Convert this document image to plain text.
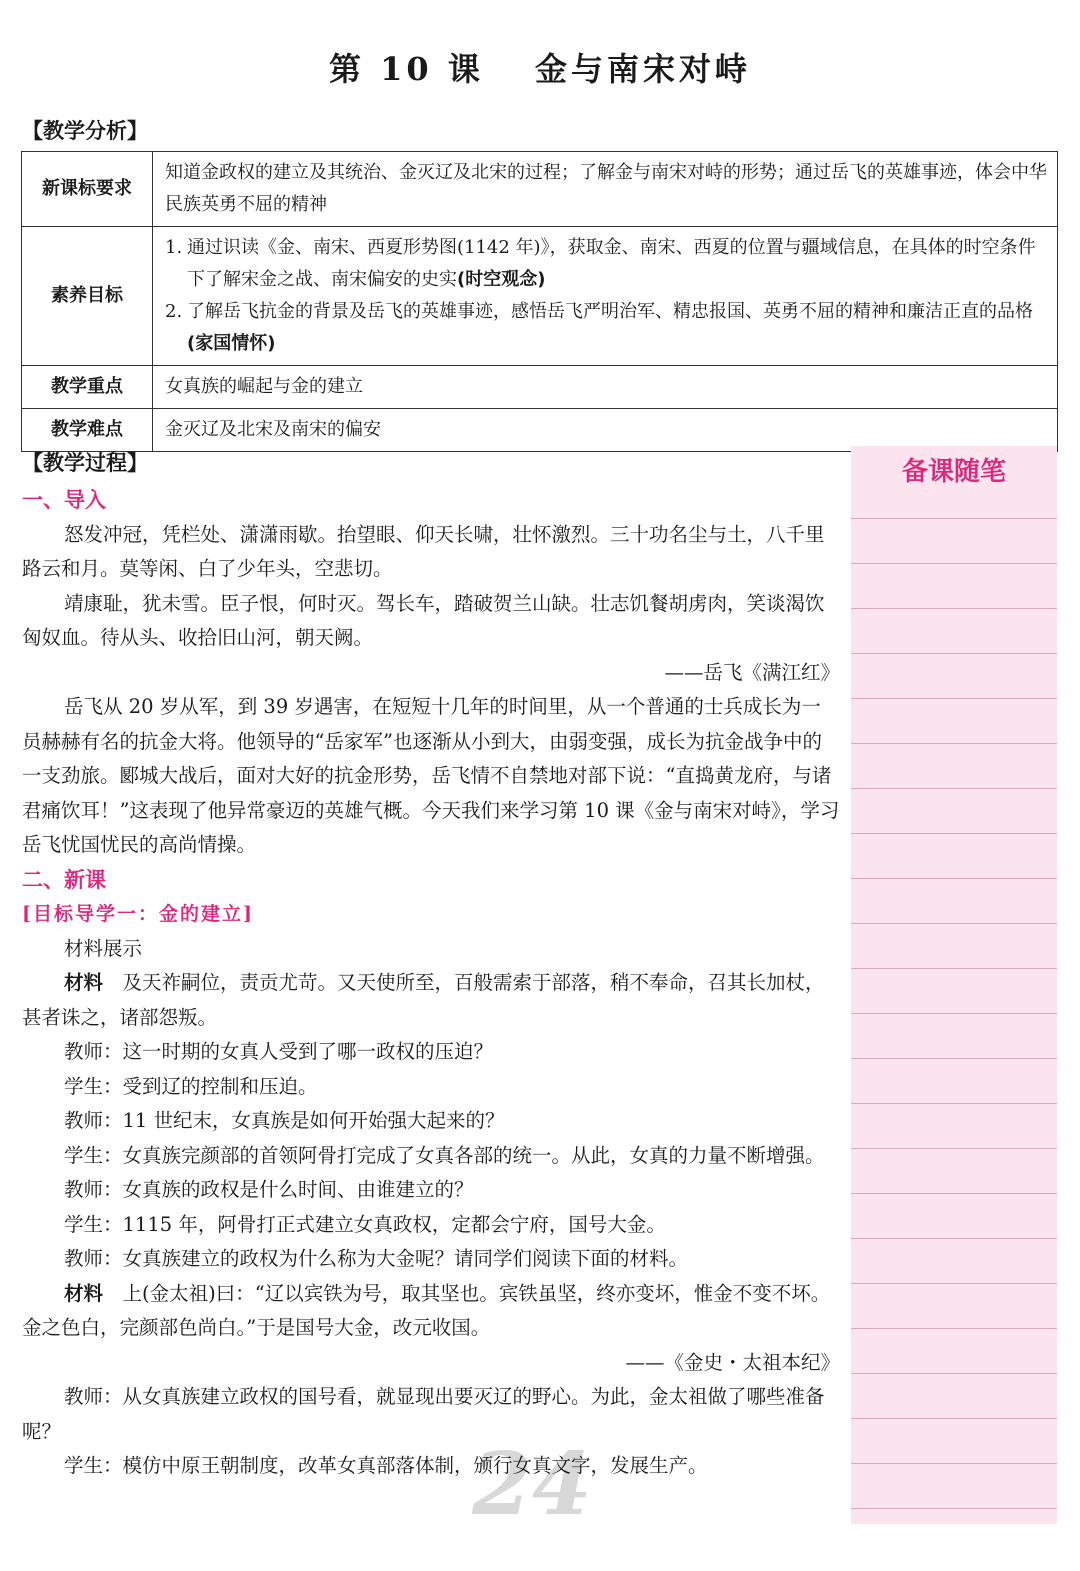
第 10 课　 金与南宋对峙
【教学分析】
新课标要求	知道金政权的建立及其统治、金灭辽及北宋的过程；了解金与南宋对峙的形势；通过岳飞的英雄事迹，体会中华民族英勇不屈的精神
素养目标	1. 通过识读《金、南宋、西夏形势图(1142 年)》，获取金、南宋、西夏的位置与疆域信息，在具体的时空条件下了解宋金之战、南宋偏安的史实(时空观念)
2. 了解岳飞抗金的背景及岳飞的英雄事迹，感悟岳飞严明治军、精忠报国、英勇不屈的精神和廉洁正直的品格(家国情怀)

教学重点	女真族的崛起与金的建立
教学难点	金灭辽及北宋及南宋的偏安
【教学过程】	备课随笔
24

一、导入

怒发冲冠，凭栏处、潇潇雨歇。抬望眼、仰天长啸，壮怀激烈。三十功名尘与土，八千里路云和月。莫等闲、白了少年头，空悲切。

靖康耻，犹未雪。臣子恨，何时灭。驾长车，踏破贺兰山缺。壮志饥餐胡虏肉，笑谈渴饮匈奴血。待从头、收拾旧山河，朝天阙。

——岳飞《满江红》

岳飞从 20 岁从军，到 39 岁遇害，在短短十几年的时间里，从一个普通的士兵成长为一员赫赫有名的抗金大将。他领导的“岳家军”也逐渐从小到大，由弱变强，成长为抗金战争中的一支劲旅。郾城大战后，面对大好的抗金形势，岳飞情不自禁地对部下说：“直捣黄龙府，与诸君痛饮耳！”这表现了他异常豪迈的英雄气概。今天我们来学习第 10 课《金与南宋对峙》，学习岳飞忧国忧民的高尚情操。

二、新课

[目标导学一：金的建立]

材料展示

材料　 及天祚嗣位，责贡尤苛。又天使所至，百般需索于部落，稍不奉命，召其长加杖，甚者诛之，诸部怨叛。

教师：这一时期的女真人受到了哪一政权的压迫？

学生：受到辽的控制和压迫。

教师：11 世纪末，女真族是如何开始强大起来的？

学生：女真族完颜部的首领阿骨打完成了女真各部的统一。从此，女真的力量不断增强。

教师：女真族的政权是什么时间、由谁建立的？

学生：1115 年，阿骨打正式建立女真政权，定都会宁府，国号大金。

教师：女真族建立的政权为什么称为大金呢？请同学们阅读下面的材料。

材料　 上(金太祖)曰：“辽以宾铁为号，取其坚也。宾铁虽坚，终亦变坏，惟金不变不坏。金之色白，完颜部色尚白。”于是国号大金，改元收国。

——《金史・太祖本纪》

教师：从女真族建立政权的国号看，就显现出要灭辽的野心。为此，金太祖做了哪些准备呢？

学生：模仿中原王朝制度，改革女真部落体制，颁行女真文字，发展生产。
